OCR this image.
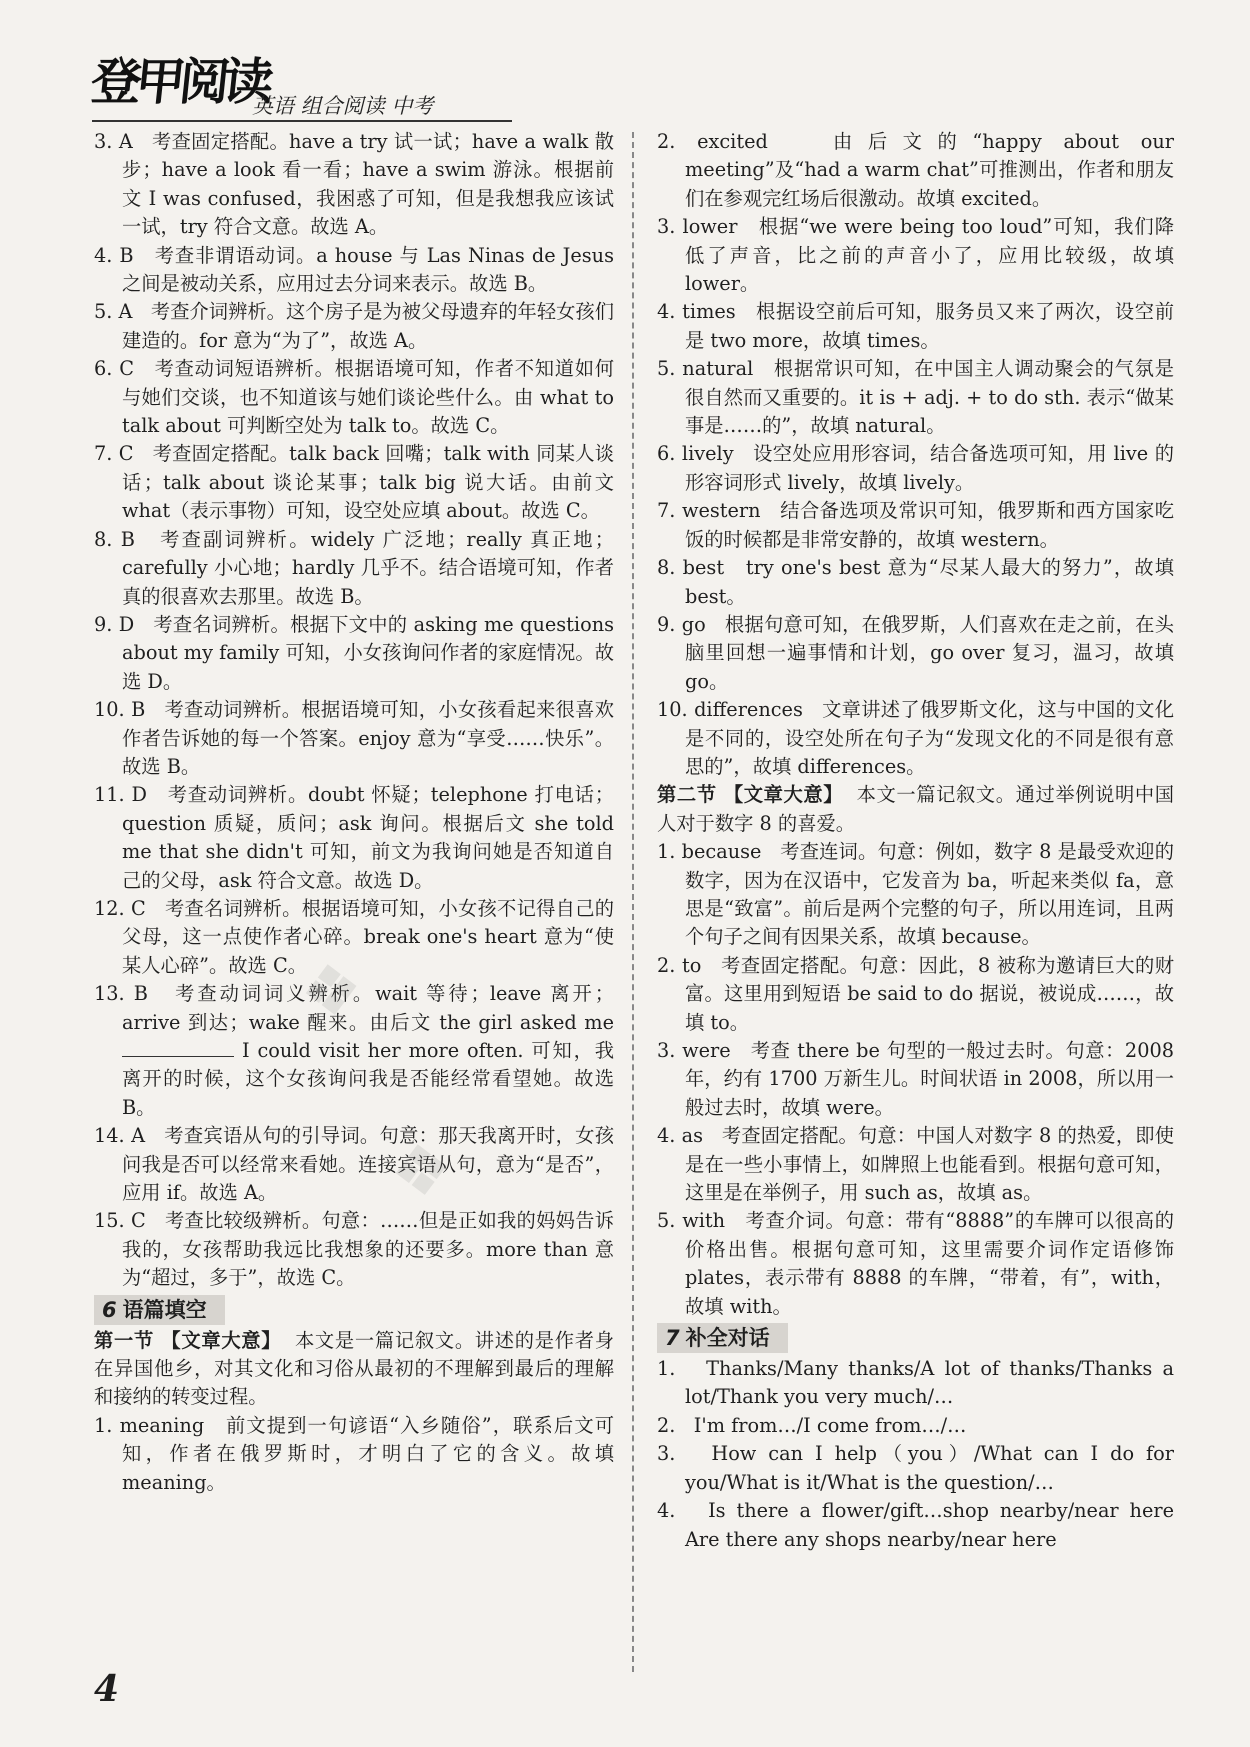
登甲阅读
英语 组合阅读 中考

3. A 考查固定搭配。have a try 试一试；have a walk 散步；have a look 看一看；have a swim 游泳。根据前文 I was confused，我困惑了可知，但是我想我应该试一试，try 符合文意。故选 A。

4. B 考查非谓语动词。a house 与 Las Ninas de Jesus 之间是被动关系，应用过去分词来表示。故选 B。

5. A 考查介词辨析。这个房子是为被父母遗弃的年轻女孩们建造的。for 意为“为了”，故选 A。

6. C 考查动词短语辨析。根据语境可知，作者不知道如何与她们交谈，也不知道该与她们谈论些什么。由 what to talk about 可判断空处为 talk to。故选 C。

7. C 考查固定搭配。talk back 回嘴；talk with 同某人谈话；talk about 谈论某事；talk big 说大话。由前文 what（表示事物）可知，设空处应填 about。故选 C。

8. B 考查副词辨析。widely 广泛地；really 真正地；carefully 小心地；hardly 几乎不。结合语境可知，作者真的很喜欢去那里。故选 B。

9. D 考查名词辨析。根据下文中的 asking me questions about my family 可知，小女孩询问作者的家庭情况。故选 D。

10. B 考查动词辨析。根据语境可知，小女孩看起来很喜欢作者告诉她的每一个答案。enjoy 意为“享受……快乐”。故选 B。

11. D 考查动词辨析。doubt 怀疑；telephone 打电话；question 质疑，质问；ask 询问。根据后文 she told me that she didn't 可知，前文为我询问她是否知道自己的父母，ask 符合文意。故选 D。

12. C 考查名词辨析。根据语境可知，小女孩不记得自己的父母，这一点使作者心碎。break one's heart 意为“使某人心碎”。故选 C。

13. B 考查动词词义辨析。wait 等待；leave 离开；arrive 到达；wake 醒来。由后文 the girl asked me  I could visit her more often. 可知，我离开的时候，这个女孩询问我是否能经常看望她。故选 B。

14. A 考查宾语从句的引导词。句意：那天我离开时，女孩问我是否可以经常来看她。连接宾语从句，意为“是否”，应用 if。故选 A。

15. C 考查比较级辨析。句意：……但是正如我的妈妈告诉我的，女孩帮助我远比我想象的还要多。more than 意为“超过，多于”，故选 C。

6 语篇填空

第一节 【文章大意】 本文是一篇记叙文。讲述的是作者身在异国他乡，对其文化和习俗从最初的不理解到最后的理解和接纳的转变过程。

1. meaning 前文提到一句谚语“入乡随俗”，联系后文可知，作者在俄罗斯时，才明白了它的含义。故填 meaning。

2. excited	由后文的“happy about our meeting”及“had a warm chat”可推测出，作者和朋友们在参观完红场后很激动。故填 excited。

3. lower 根据“we were being too loud”可知，我们降低了声音，比之前的声音小了，应用比较级，故填 lower。

4. times 根据设空前后可知，服务员又来了两次，设空前是 two more，故填 times。

5. natural 根据常识可知，在中国主人调动聚会的气氛是很自然而又重要的。it is + adj. + to do sth. 表示“做某事是……的”，故填 natural。

6. lively 设空处应用形容词，结合备选项可知，用 live 的形容词形式 lively，故填 lively。

7. western 结合备选项及常识可知，俄罗斯和西方国家吃饭的时候都是非常安静的，故填 western。

8. best try one's best 意为“尽某人最大的努力”，故填 best。

9. go 根据句意可知，在俄罗斯，人们喜欢在走之前，在头脑里回想一遍事情和计划，go over 复习，温习，故填 go。

10. differences 文章讲述了俄罗斯文化，这与中国的文化是不同的，设空处所在句子为“发现文化的不同是很有意思的”，故填 differences。

第二节 【文章大意】 本文一篇记叙文。通过举例说明中国人对于数字 8 的喜爱。

1. because 考查连词。句意：例如，数字 8 是最受欢迎的数字，因为在汉语中，它发音为 ba，听起来类似 fa，意思是“致富”。前后是两个完整的句子，所以用连词，且两个句子之间有因果关系，故填 because。

2. to 考查固定搭配。句意：因此，8 被称为邀请巨大的财富。这里用到短语 be said to do 据说，被说成……，故填 to。

3. were 考查 there be 句型的一般过去时。句意：2008 年，约有 1700 万新生儿。时间状语 in 2008，所以用一般过去时，故填 were。

4. as 考查固定搭配。句意：中国人对数字 8 的热爱，即使是在一些小事情上，如牌照上也能看到。根据句意可知，这里是在举例子，用 such as，故填 as。

5. with 考查介词。句意：带有“8888”的车牌可以很高的价格出售。根据句意可知，这里需要介词作定语修饰 plates，表示带有 8888 的车牌，“带着，有”，with，故填 with。

7 补全对话

1. Thanks/Many thanks/A lot of thanks/Thanks a lot/Thank you very much/…

2. I'm from…/I come from…/…

3. How can I help（you）/What can I do for you/What is it/What is the question/…

4. Is there a flower/gift…shop nearby/near here Are there any shops nearby/near here

4
❖
❖
